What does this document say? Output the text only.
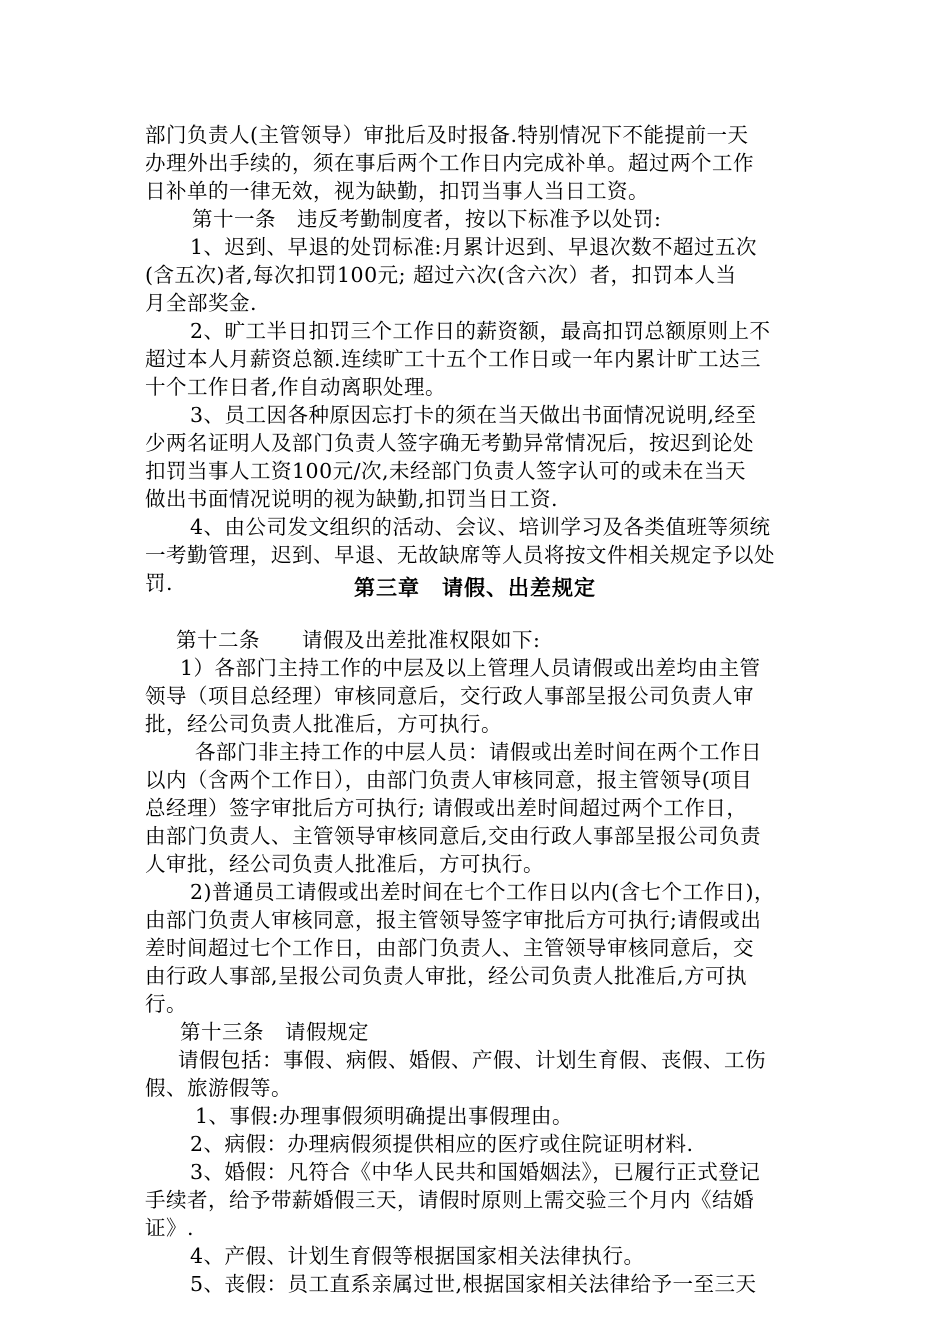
部门负责人(主管领导）审批后及时报备.特别情况下不能提前一天
办理外出手续的，须在事后两个工作日内完成补单。超过两个工作
日补单的一律无效，视为缺勤，扣罚当事人当日工资。
　第十一条　违反考勤制度者，按以下标准予以处罚:
　1、迟到、早退的处罚标准:月累计迟到、早退次数不超过五次
(含五次)者,每次扣罚100元; 超过六次(含六次）者，扣罚本人当
月全部奖金.
　2、旷工半日扣罚三个工作日的薪资额，最高扣罚总额原则上不
超过本人月薪资总额.连续旷工十五个工作日或一年内累计旷工达三
十个工作日者,作自动离职处理。
　3、员工因各种原因忘打卡的须在当天做出书面情况说明,经至
少两名证明人及部门负责人签字确无考勤异常情况后，按迟到论处
扣罚当事人工资100元/次,未经部门负责人签字认可的或未在当天
做出书面情况说明的视为缺勤,扣罚当日工资.
　4、由公司发文组织的活动、会议、培训学习及各类值班等须统
一考勤管理，迟到、早退、无故缺席等人员将按文件相关规定予以处
罚.	第三章　请假、出差规定
　第十二条　　请假及出差批准权限如下:
　1）各部门主持工作的中层及以上管理人员请假或出差均由主管
领导（项目总经理）审核同意后，交行政人事部呈报公司负责人审
批，经公司负责人批准后，方可执行。
　　各部门非主持工作的中层人员：请假或出差时间在两个工作日
以内（含两个工作日），由部门负责人审核同意，报主管领导(项目
总经理）签字审批后方可执行; 请假或出差时间超过两个工作日，
由部门负责人、主管领导审核同意后,交由行政人事部呈报公司负责
人审批，经公司负责人批准后，方可执行。
　2)普通员工请假或出差时间在七个工作日以内(含七个工作日)，
由部门负责人审核同意，报主管领导签字审批后方可执行;请假或出
差时间超过七个工作日，由部门负责人、主管领导审核同意后，交
由行政人事部,呈报公司负责人审批，经公司负责人批准后,方可执
行。
　第十三条　请假规定
　请假包括：事假、病假、婚假、产假、计划生育假、丧假、工伤
假、旅游假等。
　　1、事假:办理事假须明确提出事假理由。
　2、病假：办理病假须提供相应的医疗或住院证明材料.
　3、婚假：凡符合《中华人民共和国婚姻法》，已履行正式登记
手续者，给予带薪婚假三天，请假时原则上需交验三个月内《结婚
证》.
　4、产假、计划生育假等根据国家相关法律执行。
　5、丧假：员工直系亲属过世,根据国家相关法律给予一至三天
